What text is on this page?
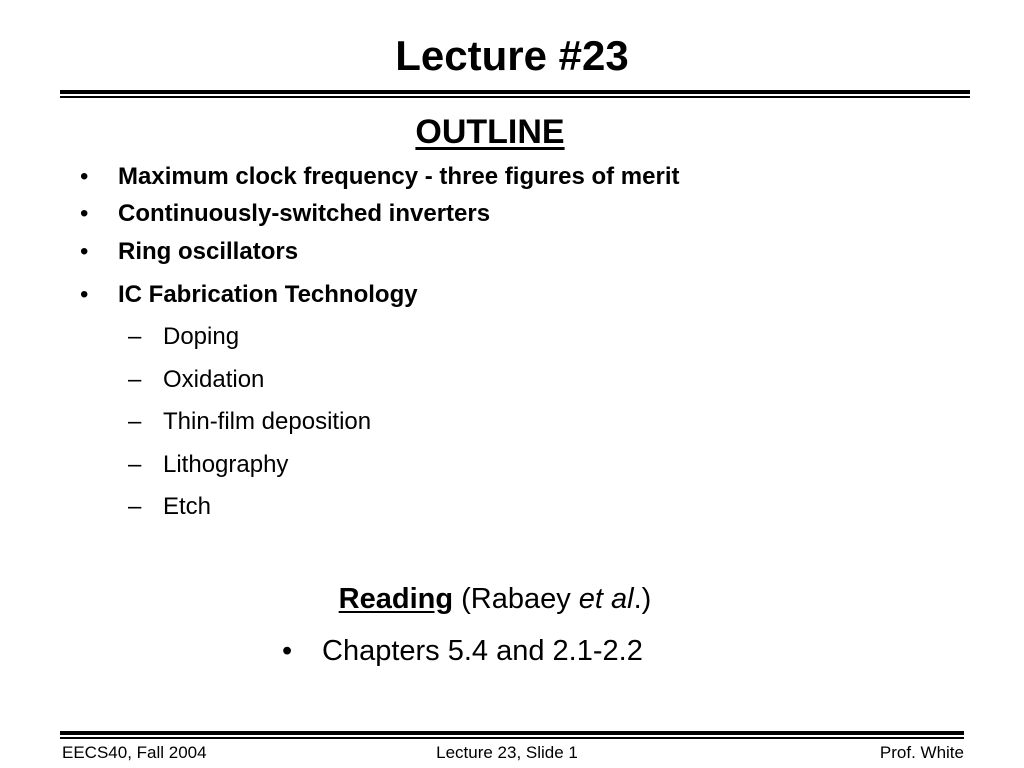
Lecture #23
OUTLINE
• Maximum clock frequency - three figures of merit
• Continuously-switched inverters
• Ring oscillators
• IC Fabrication Technology
– Doping
– Oxidation
– Thin-film deposition
– Lithography
– Etch
Reading (Rabaey et al.)
• Chapters 5.4 and 2.1-2.2
EECS40, Fall 2004	Lecture 23, Slide 1	Prof. White
